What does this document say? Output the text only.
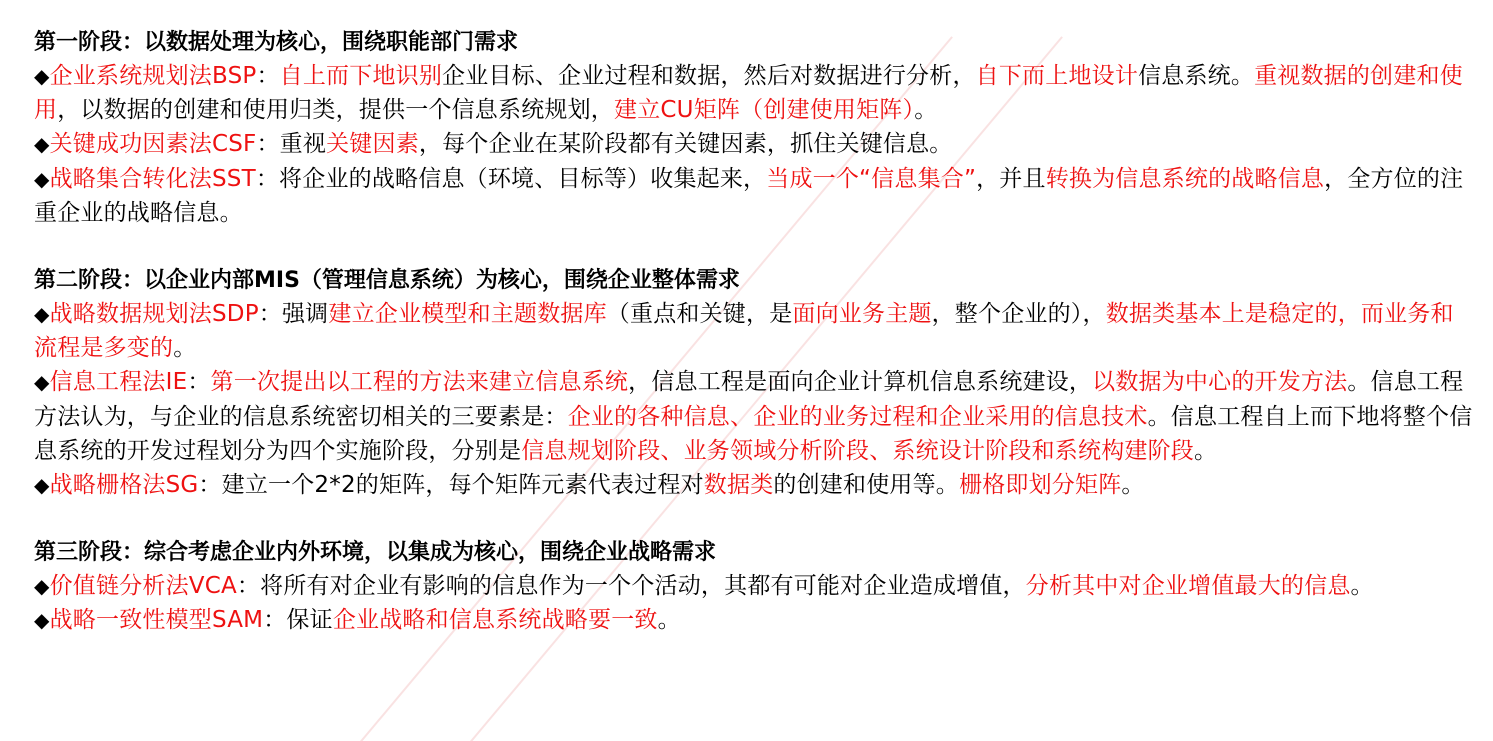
第一阶段：以数据处理为核心，围绕职能部门需求

◆企业系统规划法BSP：自上而下地识别企业目标、企业过程和数据，然后对数据进行分析，自下而上地设计信息系统。重视数据的创建和使用，以数据的创建和使用归类，提供一个信息系统规划，建立CU矩阵（创建使用矩阵）。

◆关键成功因素法CSF：重视关键因素，每个企业在某阶段都有关键因素，抓住关键信息。

◆战略集合转化法SST：将企业的战略信息（环境、目标等）收集起来，当成一个“信息集合”，并且转换为信息系统的战略信息，全方位的注重企业的战略信息。

第二阶段：以企业内部MIS（管理信息系统）为核心，围绕企业整体需求

◆战略数据规划法SDP：强调建立企业模型和主题数据库（重点和关键，是面向业务主题，整个企业的），数据类基本上是稳定的，而业务和流程是多变的。

◆信息工程法IE：第一次提出以工程的方法来建立信息系统，信息工程是面向企业计算机信息系统建设，以数据为中心的开发方法。信息工程方法认为，与企业的信息系统密切相关的三要素是：企业的各种信息、企业的业务过程和企业采用的信息技术。信息工程自上而下地将整个信息系统的开发过程划分为四个实施阶段，分别是信息规划阶段、业务领域分析阶段、系统设计阶段和系统构建阶段。

◆战略栅格法SG：建立一个2*2的矩阵，每个矩阵元素代表过程对数据类的创建和使用等。栅格即划分矩阵。

第三阶段：综合考虑企业内外环境，以集成为核心，围绕企业战略需求

◆价值链分析法VCA：将所有对企业有影响的信息作为一个个活动，其都有可能对企业造成增值，分析其中对企业增值最大的信息。

◆战略一致性模型SAM：保证企业战略和信息系统战略要一致。
